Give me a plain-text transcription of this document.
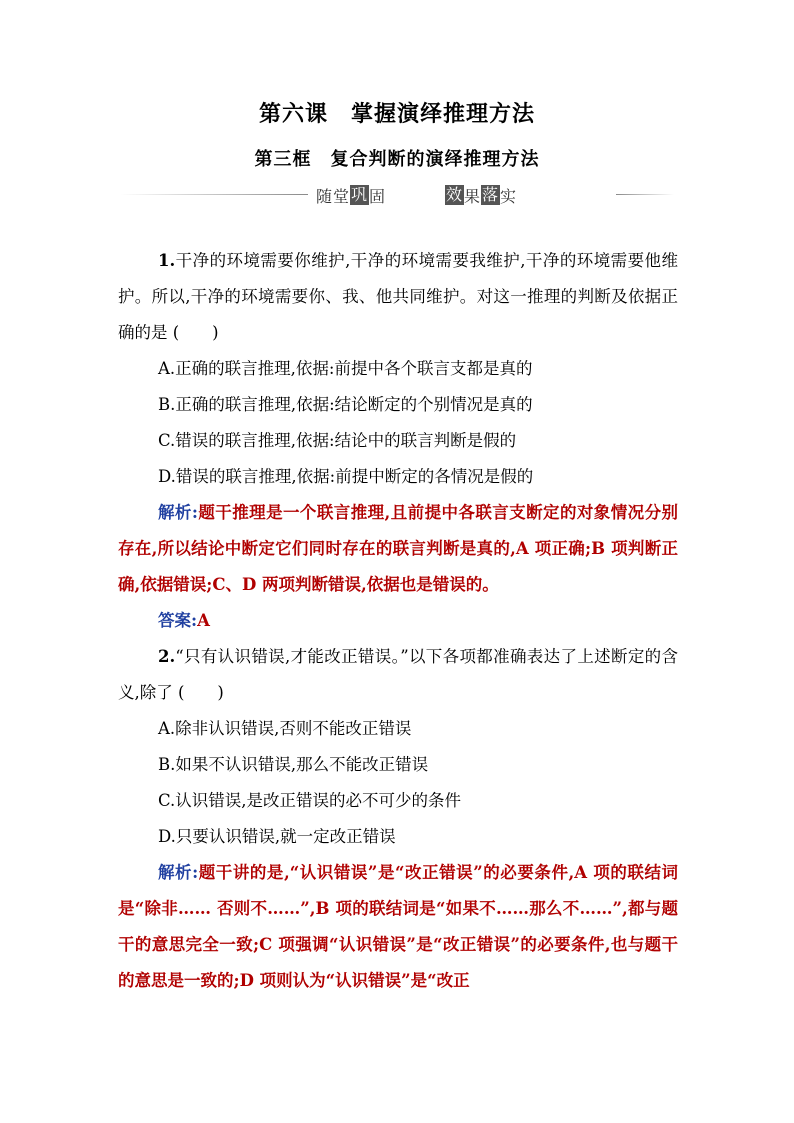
第六课　掌握演绎推理方法
第三框　复合判断的演绎推理方法
随 堂 巩 固	效 果 落 实

1.干净的环境需要你维护,干净的环境需要我维护,干净的环境需要他维护。所以,干净的环境需要你、我、他共同维护。对这一推理的判断及依据正确的是 (　　)

A.正确的联言推理,依据:前提中各个联言支都是真的

B.正确的联言推理,依据:结论断定的个别情况是真的

C.错误的联言推理,依据:结论中的联言判断是假的

D.错误的联言推理,依据:前提中断定的各情况是假的

解析:题干推理是一个联言推理,且前提中各联言支断定的对象情况分别存在,所以结论中断定它们同时存在的联言判断是真的,A 项正确;B 项判断正确,依据错误;C、D 两项判断错误,依据也是错误的。

答案:A

2.“只有认识错误,才能改正错误。”以下各项都准确表达了上述断定的含义,除了 (　　)

A.除非认识错误,否则不能改正错误

B.如果不认识错误,那么不能改正错误

C.认识错误,是改正错误的必不可少的条件

D.只要认识错误,就一定改正错误

解析:题干讲的是,“认识错误”是“改正错误”的必要条件,A 项的联结词是“除非…… 否则不……”,B 项的联结词是“如果不……那么不……”,都与题干的意思完全一致;C 项强调“认识错误”是“改正错误”的必要条件,也与题干的意思是一致的;D 项则认为“认识错误”是“改正
